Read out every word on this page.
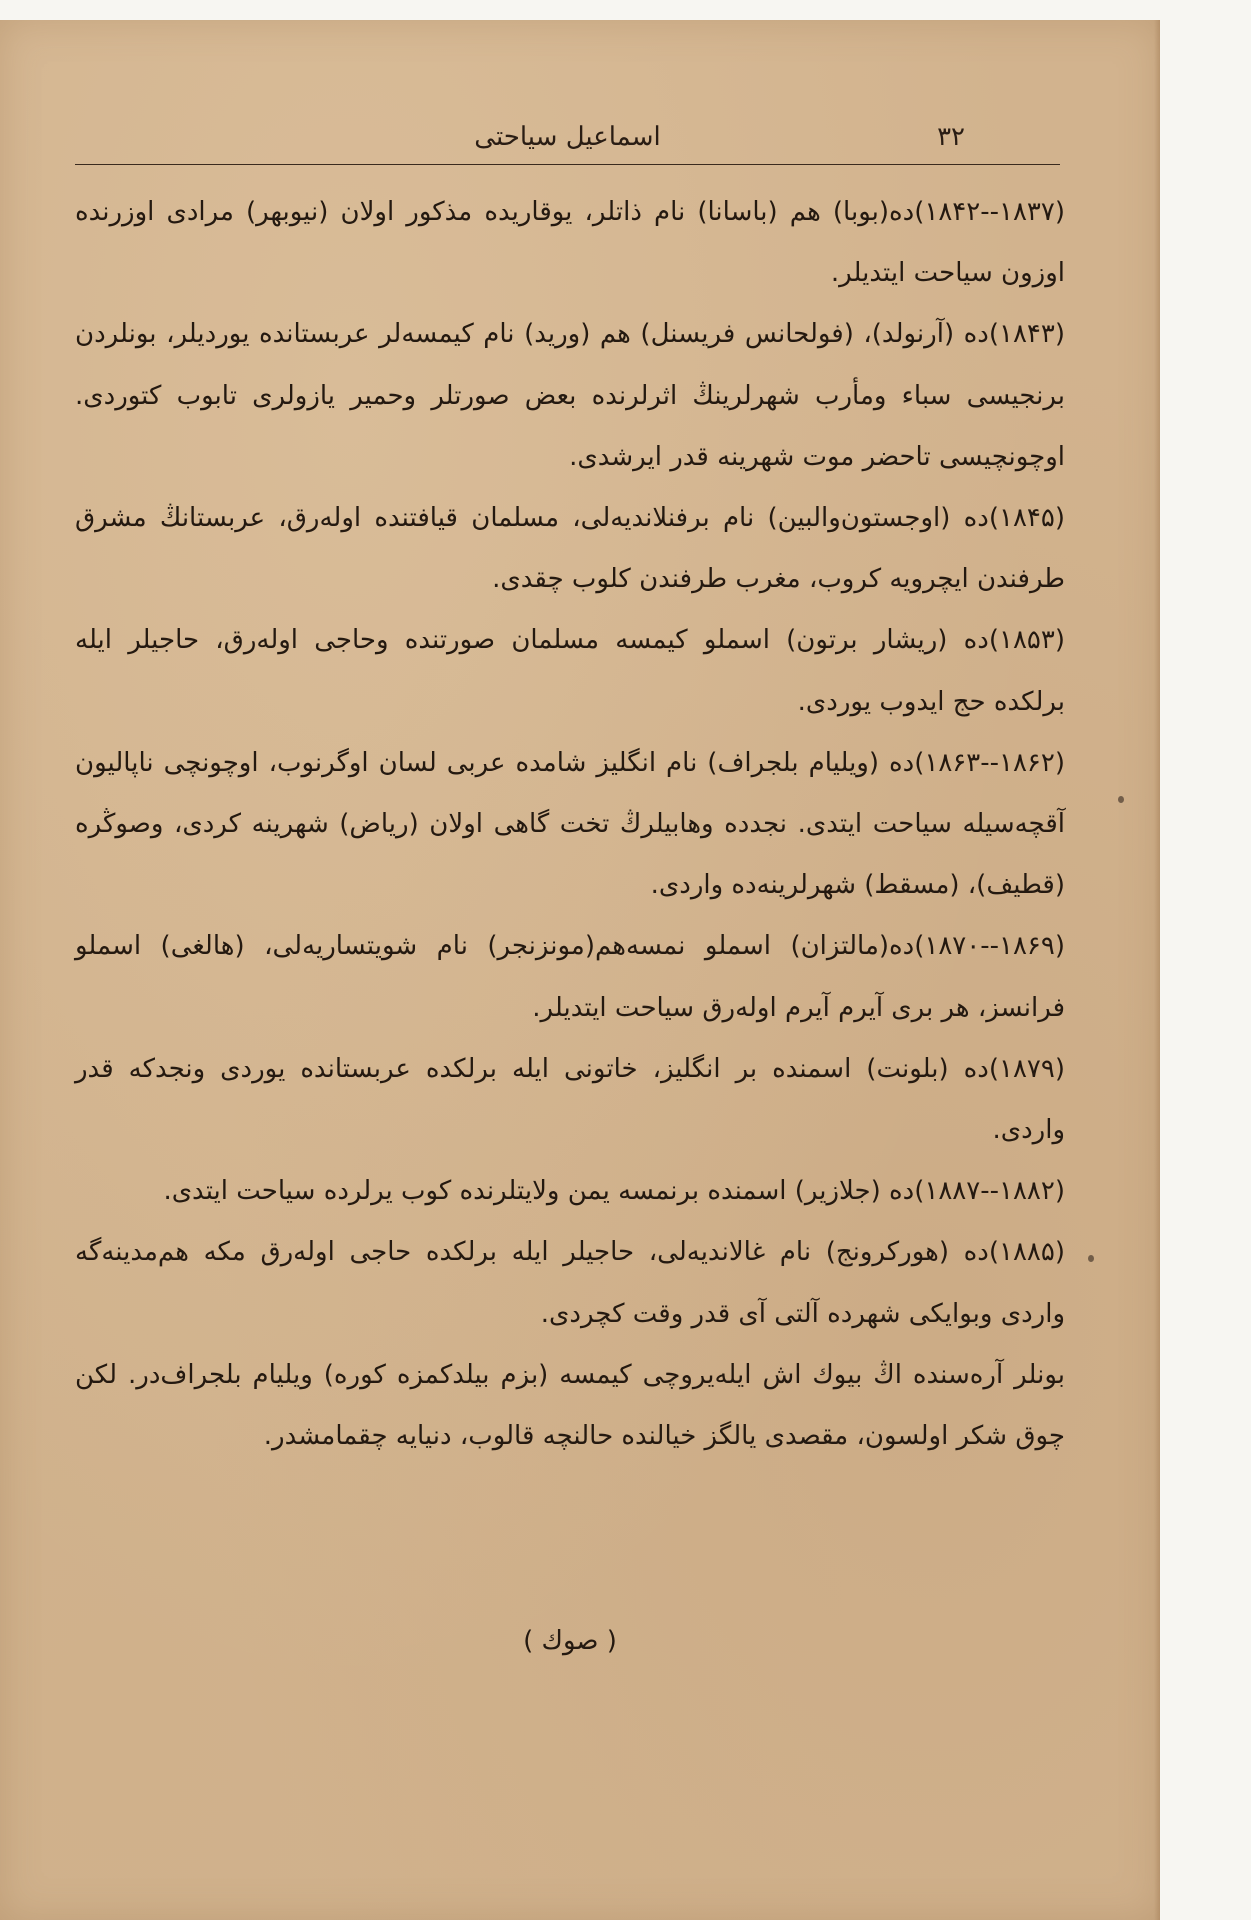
اسماعیل سیاحتی	۳۲

(۱۸۳۷--۱۸۴۲)ده(بوبا) هم (باسانا) نام ذاتلر، یوقاریده مذکور اولان (نیوبهر) مرادی اوزرنده اوزون سیاحت ایتدیلر.

(۱۸۴۳)ده (آرنولد)، (فولحانس فریسنل) هم (ورید) نام کیمسه‌لر عربستانده یوردیلر، بونلردن برنجیسی سباء ومأرب شهرلرینڭ اثرلرنده بعض صورتلر وحمیر یازولری تابوب کتوردی. اوچونچیسی تاحضر موت شهرینه قدر ایرشدی.

(۱۸۴۵)ده (اوجستون‌والبین) نام برفنلاندیه‌لی، مسلمان قیافتنده اوله‌رق، عربستانڭ مشرق طرفندن ایچرویه کروب، مغرب طرفندن کلوب چقدی.

(۱۸۵۳)ده (ریشار برتون) اسملو کیمسه مسلمان صورتنده وحاجی اوله‌رق، حاجیلر ایله برلکده حج ایدوب یوردی.

(۱۸۶۲--۱۸۶۳)ده (ویلیام بلجراف) نام انگلیز شامده عربی لسان اوگرنوب، اوچونچی ناپالیون آقچه‌سیله سیاحت ایتدی. نجدده وهابیلرڭ تخت گاهی اولان (ریاض) شهرینه کردی، وصوڭره (قطیف)، (مسقط) شهرلرینه‌ده واردی.

(۱۸۶۹--۱۸۷۰)ده(مالتزان) اسملو نمسه‌هم(مونزنجر) نام شویتساریه‌لی، (هالغی) اسملو فرانسز، هر بری آیرم آیرم اوله‌رق سیاحت ایتدیلر.

(۱۸۷۹)ده (بلونت) اسمنده بر انگلیز، خاتونی ایله برلکده عربستانده یوردی ونجدکه قدر واردی.

(۱۸۸۲--۱۸۸۷)ده (جلازیر) اسمنده برنمسه یمن ولایتلرنده کوب یرلرده سیاحت ایتدی.

(۱۸۸۵)ده (هورکرونج) نام غالاندیه‌لی، حاجیلر ایله برلکده حاجی اوله‌رق مکه هم‌مدینه‌گه واردی وبوایکی شهرده آلتی آی قدر وقت کچردی.

بونلر آره‌سنده اڭ بیوك اش ایله‌یروچی کیمسه (بزم بیلدکمزه کوره) ویلیام بلجراف‌در. لکن چوق شکر اولسون، مقصدی یالگز خیالنده حالنچه قالوب، دنیایه چقمامشدر.

( صوك )
